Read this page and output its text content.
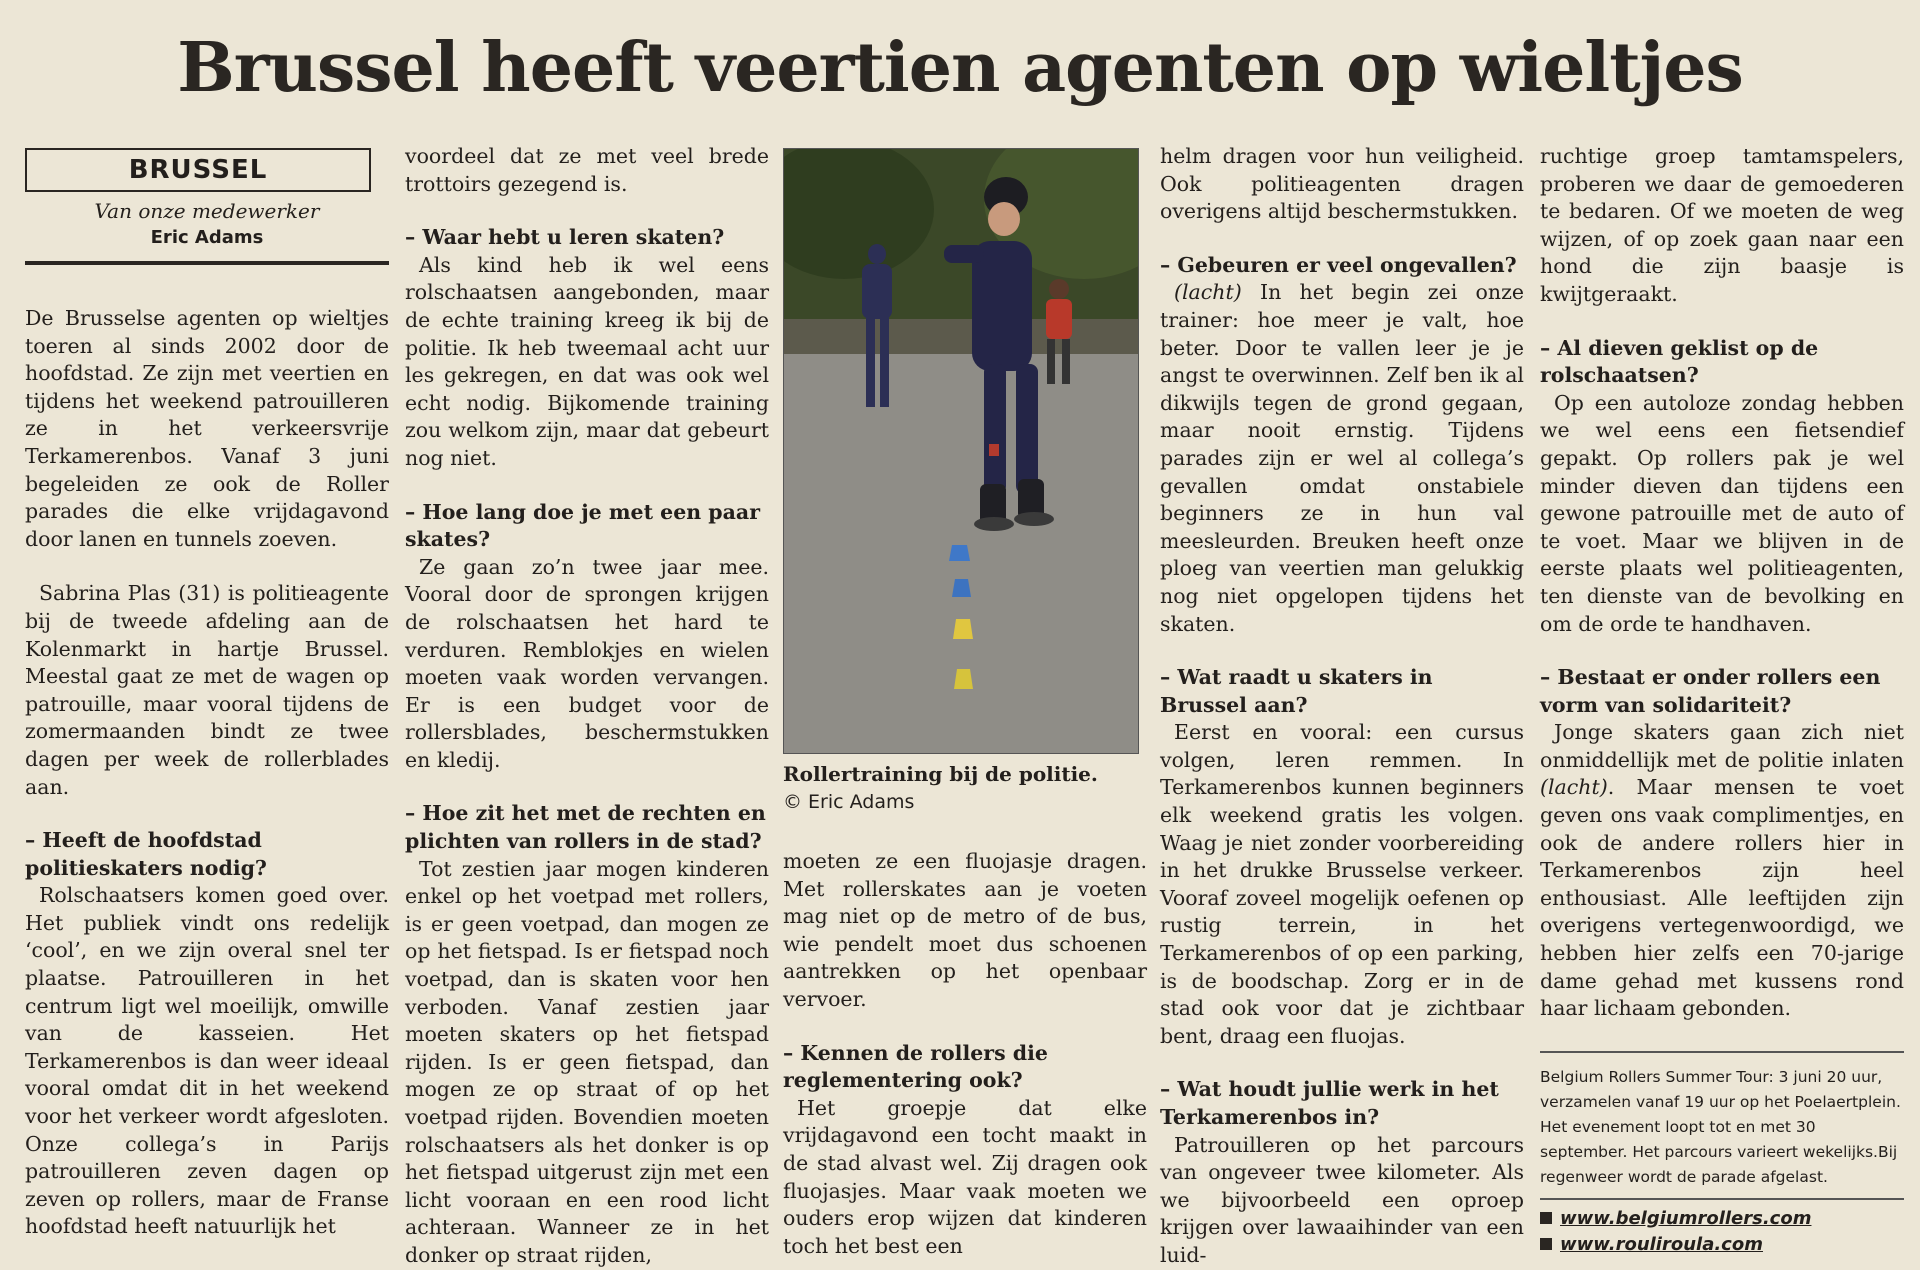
Brussel heeft veertien agenten op wieltjes
BRUSSEL
Van onze medewerker
Eric Adams

De Brusselse agenten op wieltjes toeren al sinds 2002 door de hoofdstad. Ze zijn met veertien en tijdens het weekend patrouilleren ze in het verkeersvrije Terkamerenbos. Vanaf 3 juni begeleiden ze ook de Roller parades die elke vrijdagavond door lanen en tunnels zoeven.

Sabrina Plas (31) is politieagente bij de tweede afdeling aan de Kolenmarkt in hartje Brussel. Meestal gaat ze met de wagen op patrouille, maar vooral tijdens de zomermaanden bindt ze twee dagen per week de rollerblades aan.

– Heeft de hoofdstad politieskaters nodig?

Rolschaatsers komen goed over. Het publiek vindt ons redelijk ‘cool’, en we zijn overal snel ter plaatse. Patrouilleren in het centrum ligt wel moeilijk, omwille van de kasseien. Het Terkamerenbos is dan weer ideaal vooral omdat dit in het weekend voor het verkeer wordt afgesloten. Onze collega’s in Parijs patrouilleren zeven dagen op zeven op rollers, maar de Franse hoofdstad heeft natuurlijk het

voordeel dat ze met veel brede trottoirs gezegend is.

– Waar hebt u leren skaten?

Als kind heb ik wel eens rolschaatsen aangebonden, maar de echte training kreeg ik bij de politie. Ik heb tweemaal acht uur les gekregen, en dat was ook wel echt nodig. Bijkomende training zou welkom zijn, maar dat gebeurt nog niet.

– Hoe lang doe je met een paar skates?

Ze gaan zo’n twee jaar mee. Vooral door de sprongen krijgen de rolschaatsen het hard te verduren. Remblokjes en wielen moeten vaak worden vervangen. Er is een budget voor de rollersblades, beschermstukken en kledij.

– Hoe zit het met de rechten en plichten van rollers in de stad?

Tot zestien jaar mogen kinderen enkel op het voetpad met rollers, is er geen voetpad, dan mogen ze op het fietspad. Is er fietspad noch voetpad, dan is skaten voor hen verboden. Vanaf zestien jaar moeten skaters op het fietspad rijden. Is er geen fietspad, dan mogen ze op straat of op het voetpad rijden. Bovendien moeten rolschaatsers als het donker is op het fietspad uitgerust zijn met een licht vooraan en een rood licht achteraan. Wanneer ze in het donker op straat rijden,

Rollertraining bij de politie.
© Eric Adams

moeten ze een fluojasje dragen. Met rollerskates aan je voeten mag niet op de metro of de bus, wie pendelt moet dus schoenen aantrekken op het openbaar vervoer.

– Kennen de rollers die reglementering ook?

Het groepje dat elke vrijdagavond een tocht maakt in de stad alvast wel. Zij dragen ook fluojasjes. Maar vaak moeten we ouders erop wijzen dat kinderen toch het best een

helm dragen voor hun veiligheid. Ook politieagenten dragen overigens altijd beschermstukken.

– Gebeuren er veel ongevallen?

(lacht) In het begin zei onze trainer: hoe meer je valt, hoe beter. Door te vallen leer je je angst te overwinnen. Zelf ben ik al dikwijls tegen de grond gegaan, maar nooit ernstig. Tijdens parades zijn er wel al collega’s gevallen omdat onstabiele beginners ze in hun val meesleurden. Breuken heeft onze ploeg van veertien man gelukkig nog niet opgelopen tijdens het skaten.

– Wat raadt u skaters in Brussel aan?

Eerst en vooral: een cursus volgen, leren remmen. In Terkamerenbos kunnen beginners elk weekend gratis les volgen. Waag je niet zonder voorbereiding in het drukke Brusselse verkeer. Vooraf zoveel mogelijk oefenen op rustig terrein, in het Terkamerenbos of op een parking, is de boodschap. Zorg er in de stad ook voor dat je zichtbaar bent, draag een fluojas.

– Wat houdt jullie werk in het Terkamerenbos in?

Patrouilleren op het parcours van ongeveer twee kilometer. Als we bijvoorbeeld een oproep krijgen over lawaaihinder van een luid-

ruchtige groep tamtamspelers, proberen we daar de gemoederen te bedaren. Of we moeten de weg wijzen, of op zoek gaan naar een hond die zijn baasje is kwijtgeraakt.

– Al dieven geklist op de rolschaatsen?

Op een autoloze zondag hebben we wel eens een fietsendief gepakt. Op rollers pak je wel minder dieven dan tijdens een gewone patrouille met de auto of te voet. Maar we blijven in de eerste plaats wel politieagenten, ten dienste van de bevolking en om de orde te handhaven.

– Bestaat er onder rollers een vorm van solidariteit?

Jonge skaters gaan zich niet onmiddellijk met de politie inlaten (lacht). Maar mensen te voet geven ons vaak complimentjes, en ook de andere rollers hier in Terkamerenbos zijn heel enthousiast. Alle leeftijden zijn overigens vertegenwoordigd, we hebben hier zelfs een 70-jarige dame gehad met kussens rond haar lichaam gebonden.

Belgium Rollers Summer Tour: 3 juni 20 uur, verzamelen vanaf 19 uur op het Poelaertplein. Het evenement loopt tot en met 30 september. Het parcours varieert wekelijks.Bij regenweer wordt de parade afgelast.
www.belgiumrollers.com
www.rouliroula.com
